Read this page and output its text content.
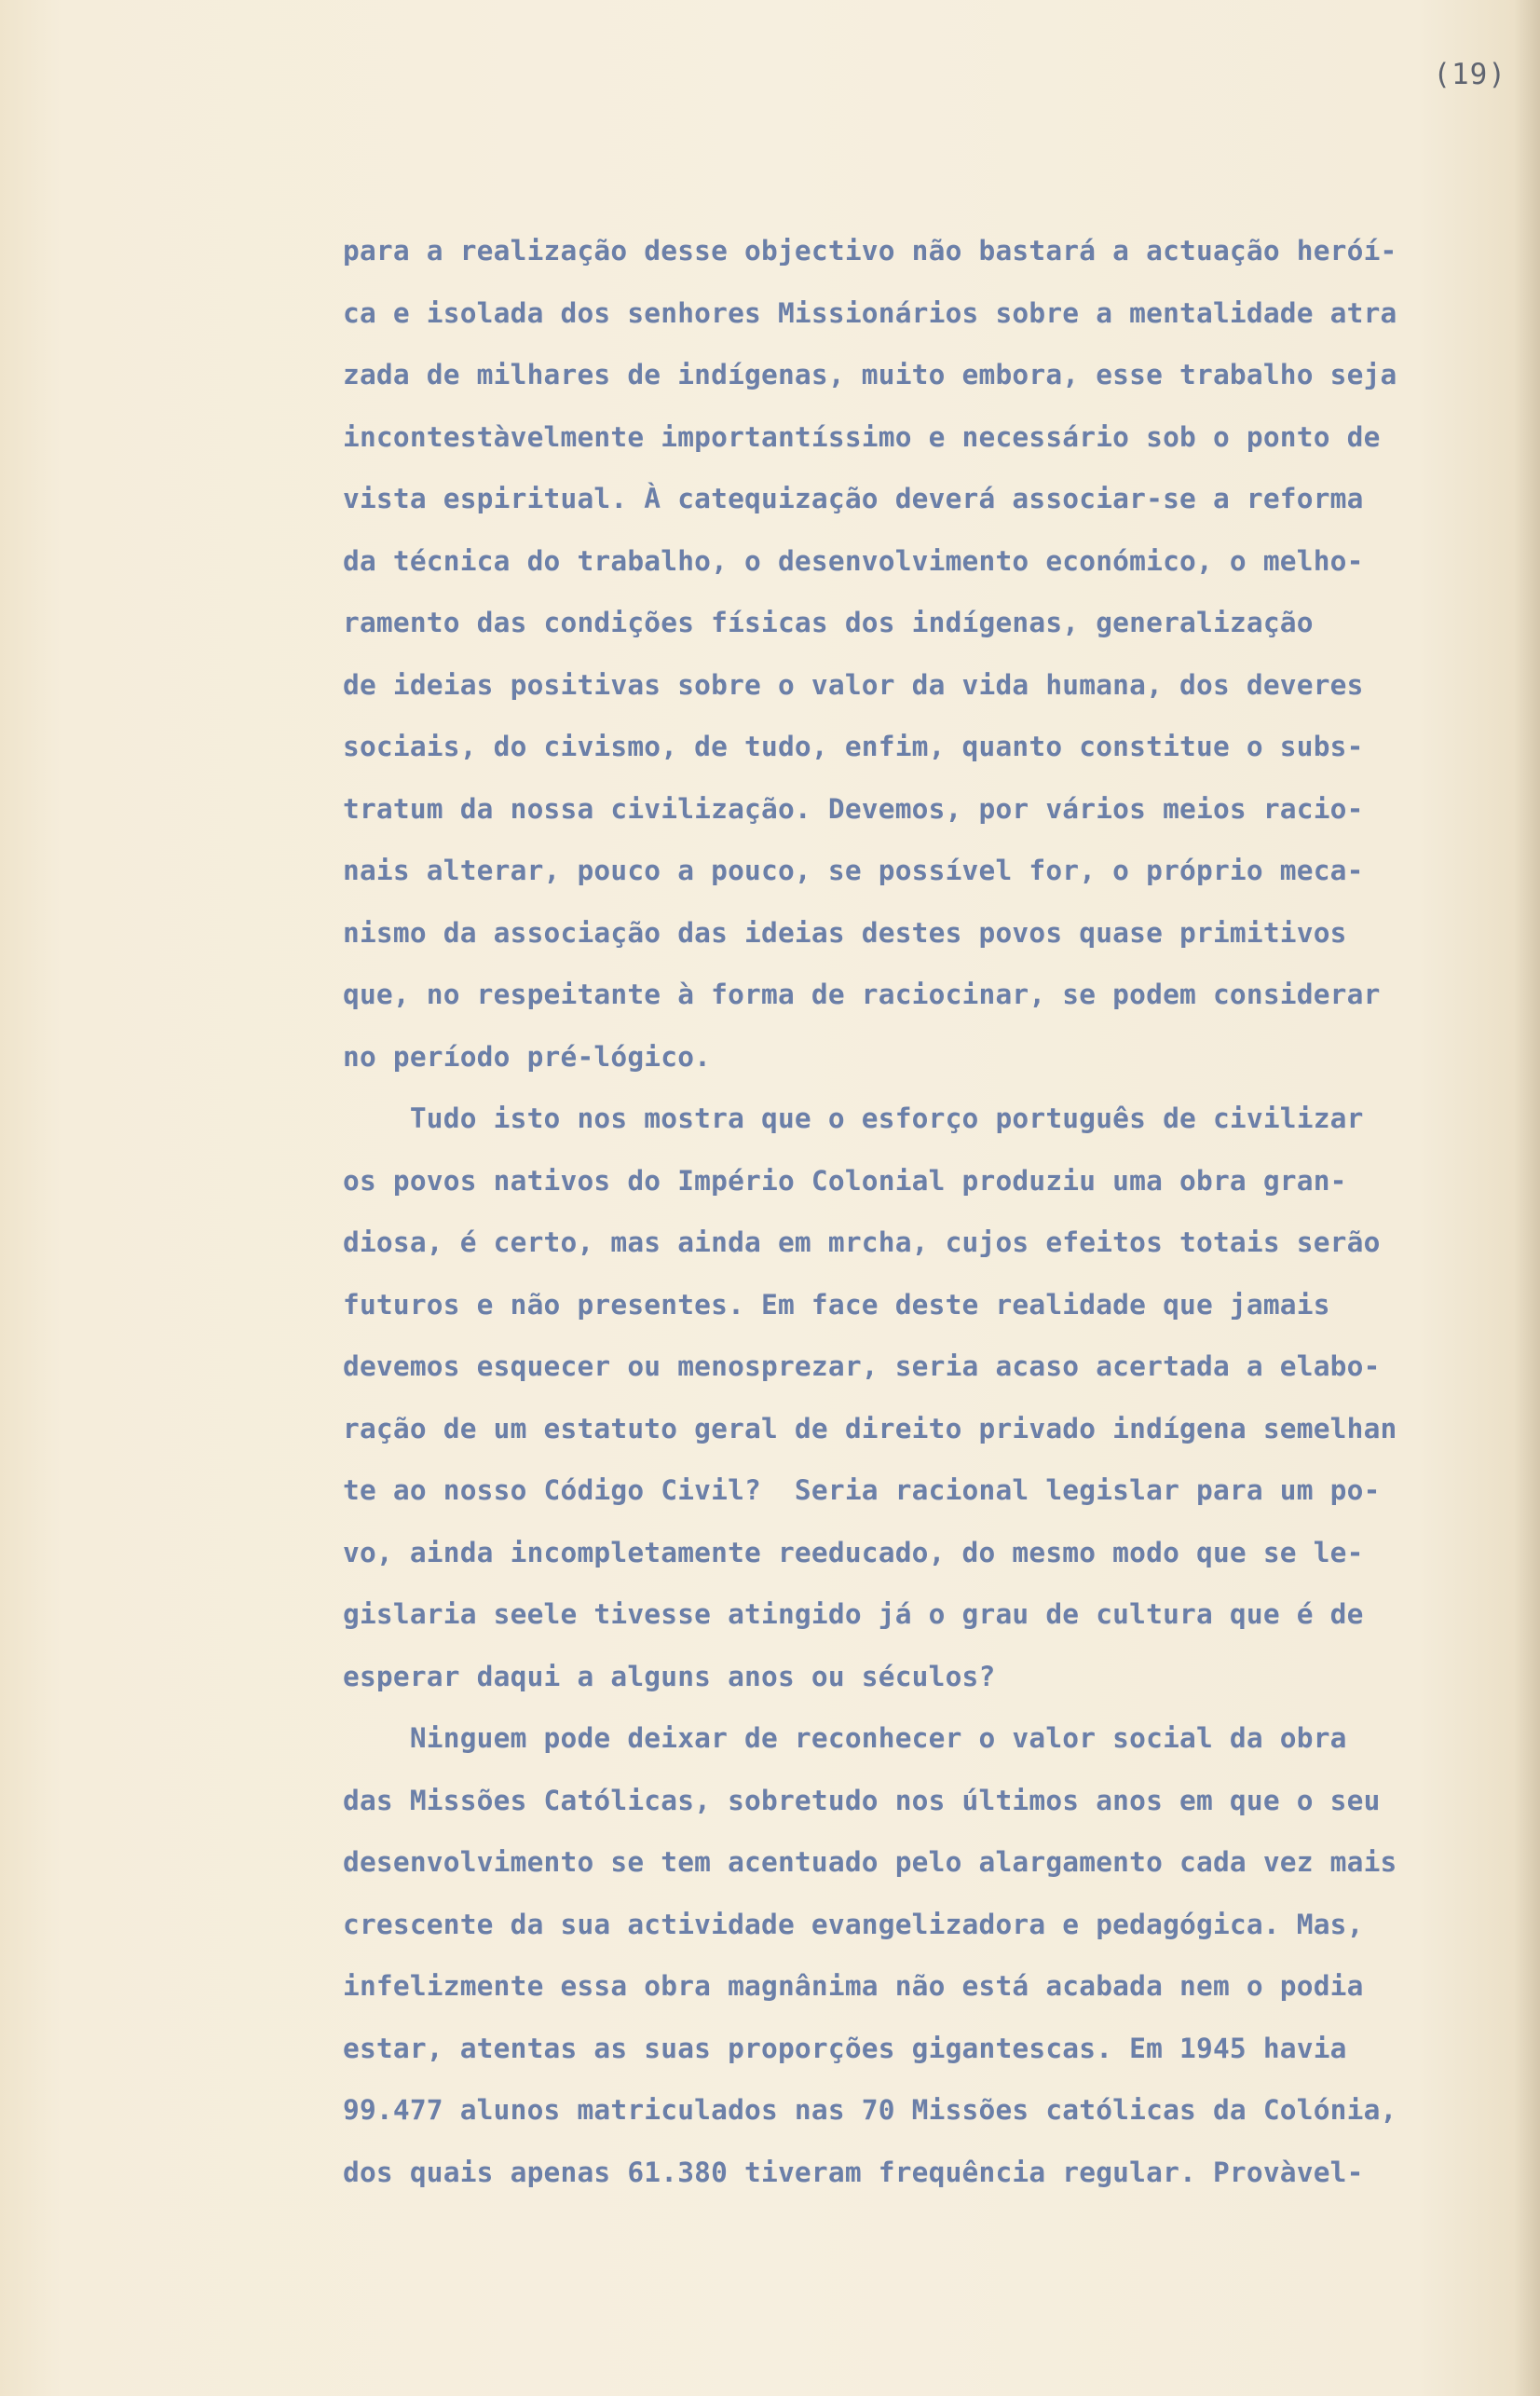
(19)
para a realização desse objectivo não bastará a actuação heróí-
ca e isolada dos senhores Missionários sobre a mentalidade atra
zada de milhares de indígenas, muito embora, esse trabalho seja
incontestàvelmente importantíssimo e necessário sob o ponto de
vista espiritual. À catequização deverá associar-se a reforma
da técnica do trabalho, o desenvolvimento económico, o melho-
ramento das condições físicas dos indígenas, generalização
de ideias positivas sobre o valor da vida humana, dos deveres
sociais, do civismo, de tudo, enfim, quanto constitue o subs-
tratum da nossa civilização. Devemos, por vários meios racio-
nais alterar, pouco a pouco, se possível for, o próprio meca-
nismo da associação das ideias destes povos quase primitivos
que, no respeitante à forma de raciocinar, se podem considerar
no período pré-lógico.
Tudo isto nos mostra que o esforço português de civilizar
os povos nativos do Império Colonial produziu uma obra gran-
diosa, é certo, mas ainda em mrcha, cujos efeitos totais serão
futuros e não presentes. Em face deste realidade que jamais
devemos esquecer ou menosprezar, seria acaso acertada a elabo-
ração de um estatuto geral de direito privado indígena semelhan
te ao nosso Código Civil?  Seria racional legislar para um po-
vo, ainda incompletamente reeducado, do mesmo modo que se le-
gislaria seele tivesse atingido já o grau de cultura que é de
esperar daqui a alguns anos ou séculos?
Ninguem pode deixar de reconhecer o valor social da obra
das Missões Católicas, sobretudo nos últimos anos em que o seu
desenvolvimento se tem acentuado pelo alargamento cada vez mais
crescente da sua actividade evangelizadora e pedagógica. Mas,
infelizmente essa obra magnânima não está acabada nem o podia
estar, atentas as suas proporções gigantescas. Em 1945 havia
99.477 alunos matriculados nas 70 Missões católicas da Colónia,
dos quais apenas 61.380 tiveram frequência regular. Provàvel-
